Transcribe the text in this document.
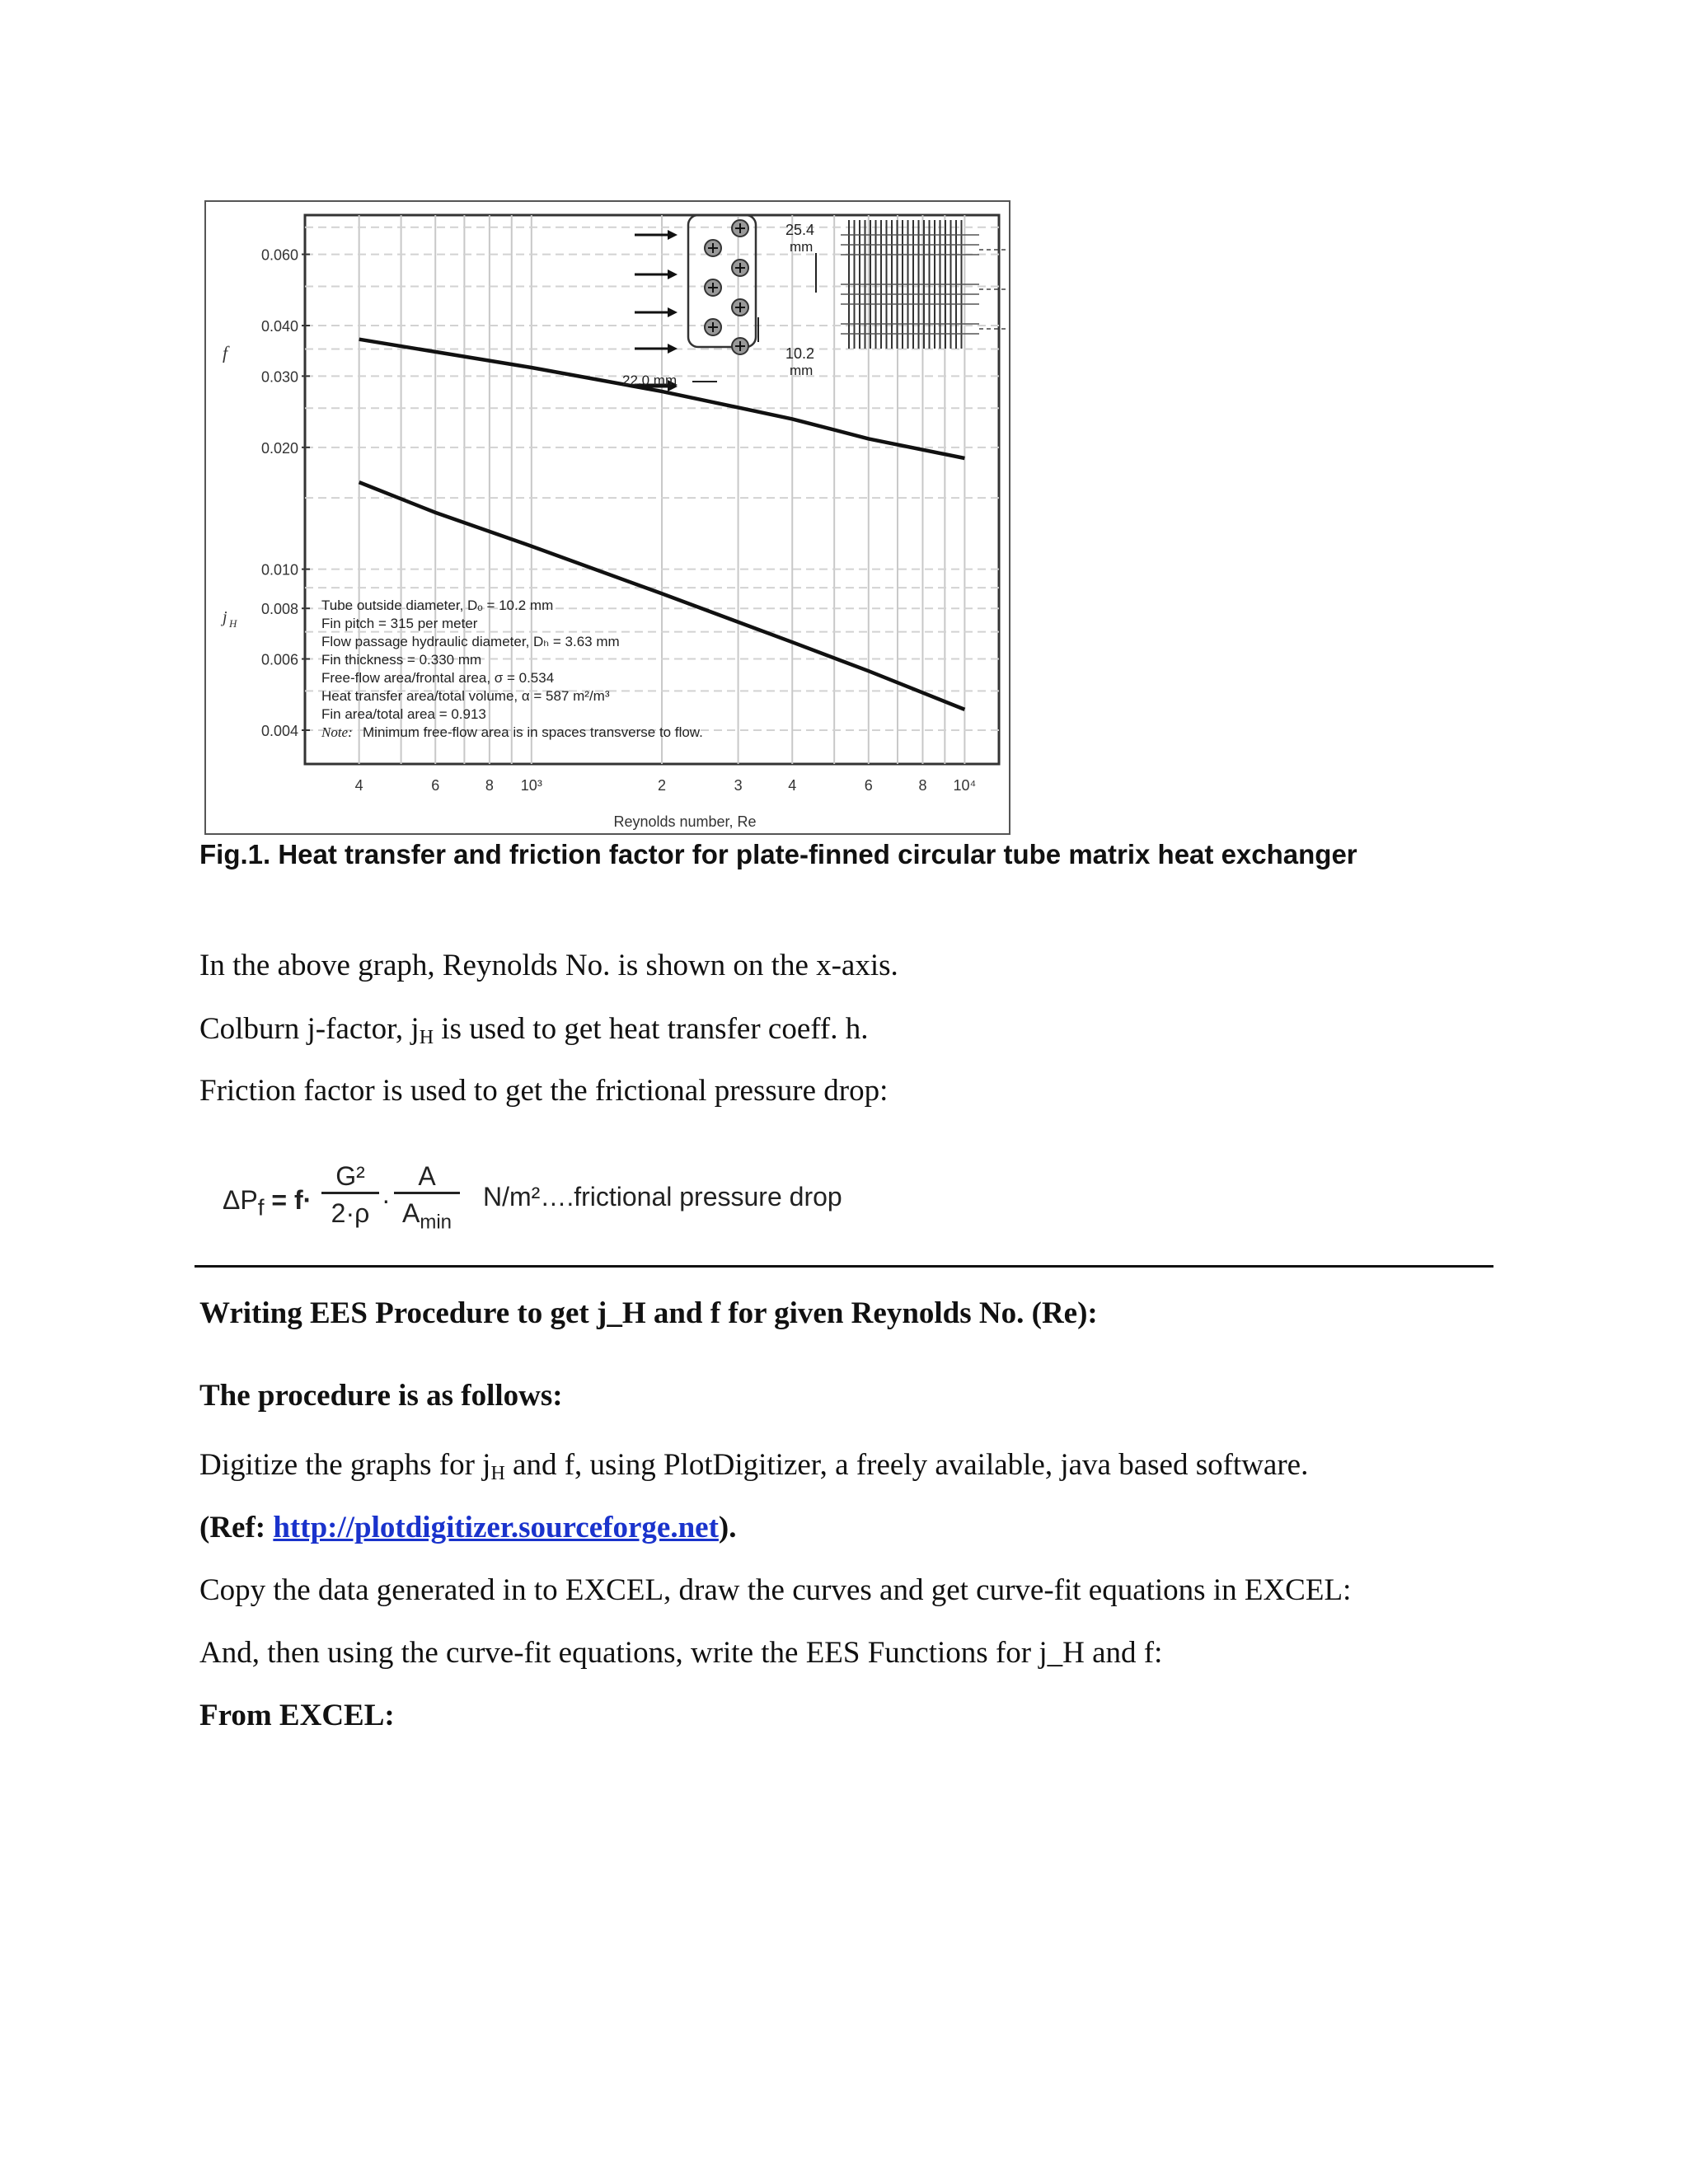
0.060
0.040
0.030
0.020
0.010
0.008
0.006
0.004
4	6	8 10³	2	3	4	6	8 10⁴
Reynolds number, Re
f
j H
Tube outside diameter, Dₒ = 10.2 mm
Fin pitch = 315 per meter
Flow passage hydraulic diameter, Dₕ = 3.63 mm
Fin thickness = 0.330 mm
Free-flow area/frontal area, σ = 0.534
Heat transfer area/total volume, α = 587 m²/m³
Fin area/total area = 0.913
Note: Minimum free-flow area is in spaces transverse to flow.
25.4
mm
10.2
mm
22.0 mm
Fig.1. Heat transfer and friction factor for plate-finned circular tube matrix heat exchanger
In the above graph, Reynolds No. is shown on the x-axis.
Colburn j-factor, $j_H$ is used to get heat transfer coeff. h.
Friction factor is used to get the frictional pressure drop:
$\Delta P_f = f\cdot \frac{\text{G²}}{2\cdot\rho}$ ·
A
$A_{min}$
N/m²….frictional pressure drop
Writing EES Procedure to get j_H and f for given Reynolds No. (Re):
The procedure is as follows:
Digitize the graphs for $j_H$ and f, using PlotDigitizer, a freely available, java based software.
(Ref: http://plotdigitizer.sourceforge.net).
Copy the data generated in to EXCEL, draw the curves and get curve-fit equations in EXCEL:
And, then using the curve-fit equations, write the EES Functions for j_H and f:
From EXCEL:
